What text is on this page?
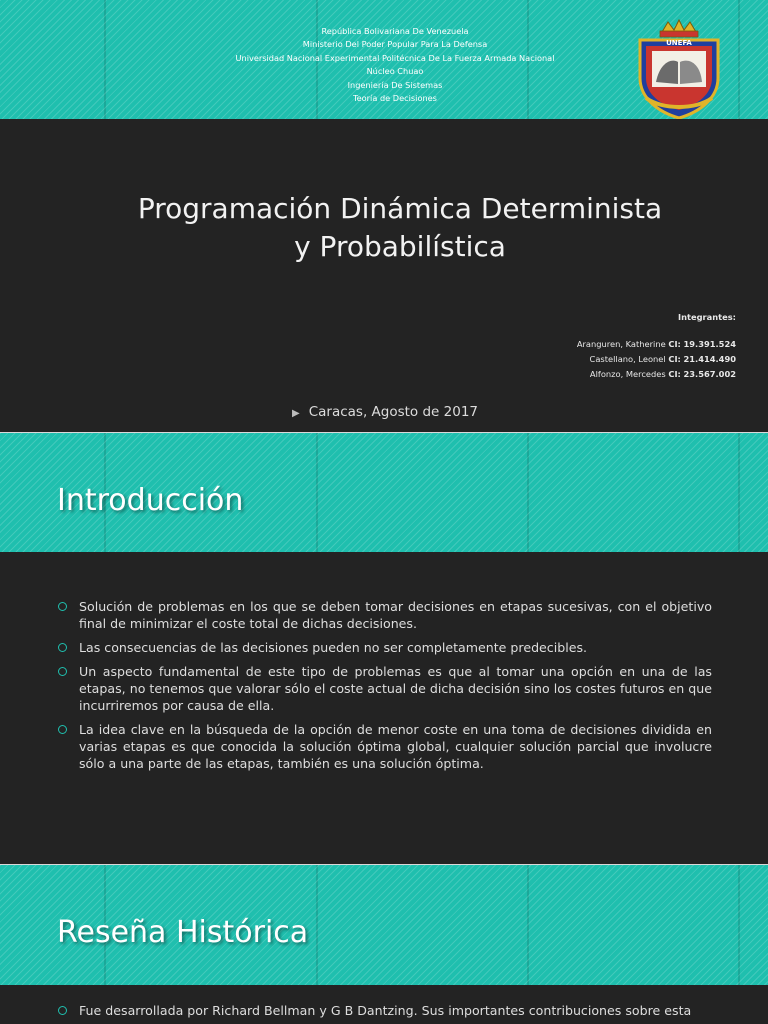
República Bolivariana De Venezuela
Ministerio Del Poder Popular Para La Defensa
Universidad Nacional Experimental Politécnica De La Fuerza Armada Nacional
Núcleo Chuao
Ingeniería De Sistemas
Teoría de Decisiones
UNEFA
Programación Dinámica Determinista
y Probabilística
Integrantes:
Aranguren, Katherine CI: 19.391.524
Castellano, Leonel CI: 21.414.490
Alfonzo, Mercedes CI: 23.567.002
▶ Caracas, Agosto de 2017
Introducción
Solución de problemas en los que se deben tomar decisiones en etapas sucesivas, con el objetivo final de minimizar el coste total de dichas decisiones.
Las consecuencias de las decisiones pueden no ser completamente predecibles.
Un aspecto fundamental de este tipo de problemas es que al tomar una opción en una de las etapas, no tenemos que valorar sólo el coste actual de dicha decisión sino los costes futuros en que incurriremos por causa de ella.
La idea clave en la búsqueda de la opción de menor coste en una toma de decisiones dividida en varias etapas es que conocida la solución óptima global, cualquier solución parcial que involucre sólo a una parte de las etapas, también es una solución óptima.
Reseña Histórica
Fue desarrollada por Richard Bellman y G B Dantzing. Sus importantes contribuciones sobre esta
